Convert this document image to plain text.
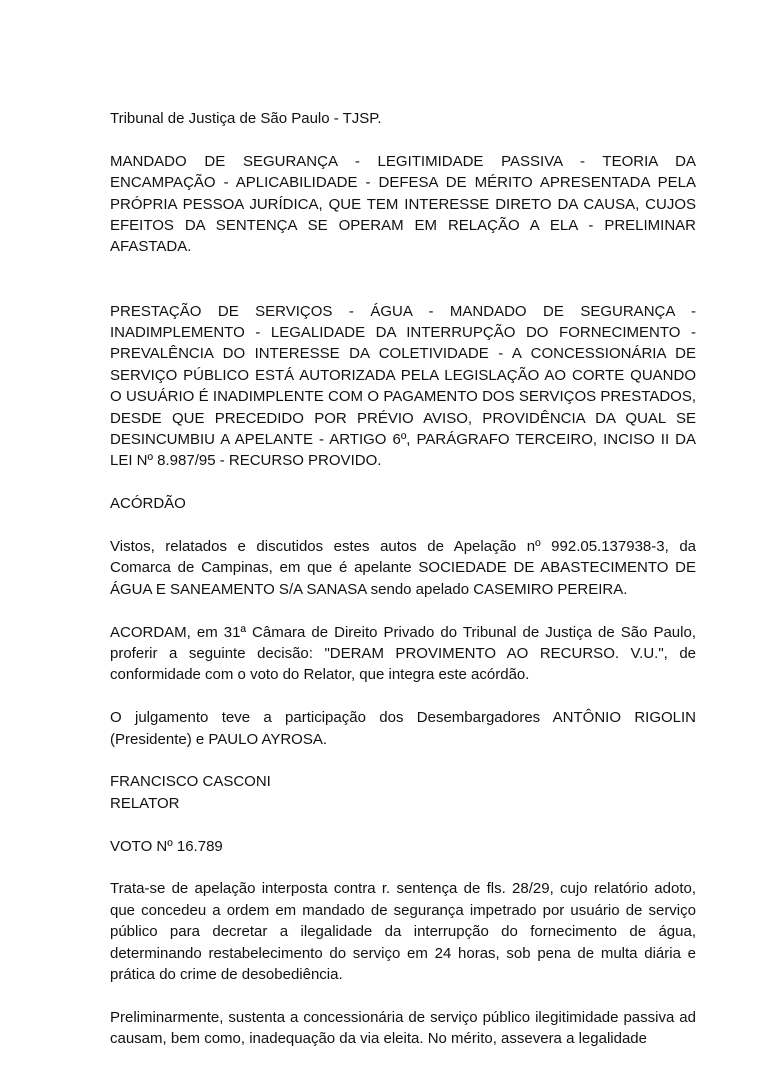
Tribunal de Justiça de São Paulo - TJSP.

MANDADO DE SEGURANÇA - LEGITIMIDADE PASSIVA - TEORIA DA ENCAMPAÇÃO - APLICABILIDADE - DEFESA DE MÉRITO APRESENTADA PELA PRÓPRIA PESSOA JURÍDICA, QUE TEM INTERESSE DIRETO DA CAUSA, CUJOS EFEITOS DA SENTENÇA SE OPERAM EM RELAÇÃO A ELA - PRELIMINAR AFASTADA.

PRESTAÇÃO DE SERVIÇOS - ÁGUA - MANDADO DE SEGURANÇA - INADIMPLEMENTO - LEGALIDADE DA INTERRUPÇÃO DO FORNECIMENTO - PREVALÊNCIA DO INTERESSE DA COLETIVIDADE - A CONCESSIONÁRIA DE SERVIÇO PÚBLICO ESTÁ AUTORIZADA PELA LEGISLAÇÃO AO CORTE QUANDO O USUÁRIO É INADIMPLENTE COM O PAGAMENTO DOS SERVIÇOS PRESTADOS, DESDE QUE PRECEDIDO POR PRÉVIO AVISO, PROVIDÊNCIA DA QUAL SE DESINCUMBIU A APELANTE - ARTIGO 6º, PARÁGRAFO TERCEIRO, INCISO II DA LEI Nº 8.987/95 - RECURSO PROVIDO.

ACÓRDÃO

Vistos, relatados e discutidos estes autos de Apelação nº 992.05.137938-3, da Comarca de Campinas, em que é apelante SOCIEDADE DE ABASTECIMENTO DE ÁGUA E SANEAMENTO S/A SANASA sendo apelado CASEMIRO PEREIRA.

ACORDAM, em 31ª Câmara de Direito Privado do Tribunal de Justiça de São Paulo, proferir a seguinte decisão: "DERAM PROVIMENTO AO RECURSO. V.U.", de conformidade com o voto do Relator, que integra este acórdão.

O julgamento teve a participação dos Desembargadores ANTÔNIO RIGOLIN (Presidente) e PAULO AYROSA.

FRANCISCO CASCONI
RELATOR

VOTO Nº 16.789

Trata-se de apelação interposta contra r. sentença de fls. 28/29, cujo relatório adoto, que concedeu a ordem em mandado de segurança impetrado por usuário de serviço público para decretar a ilegalidade da interrupção do fornecimento de água, determinando restabelecimento do serviço em 24 horas, sob pena de multa diária e prática do crime de desobediência.

Preliminarmente, sustenta a concessionária de serviço público ilegitimidade passiva ad causam, bem como, inadequação da via eleita. No mérito, assevera a legalidade
